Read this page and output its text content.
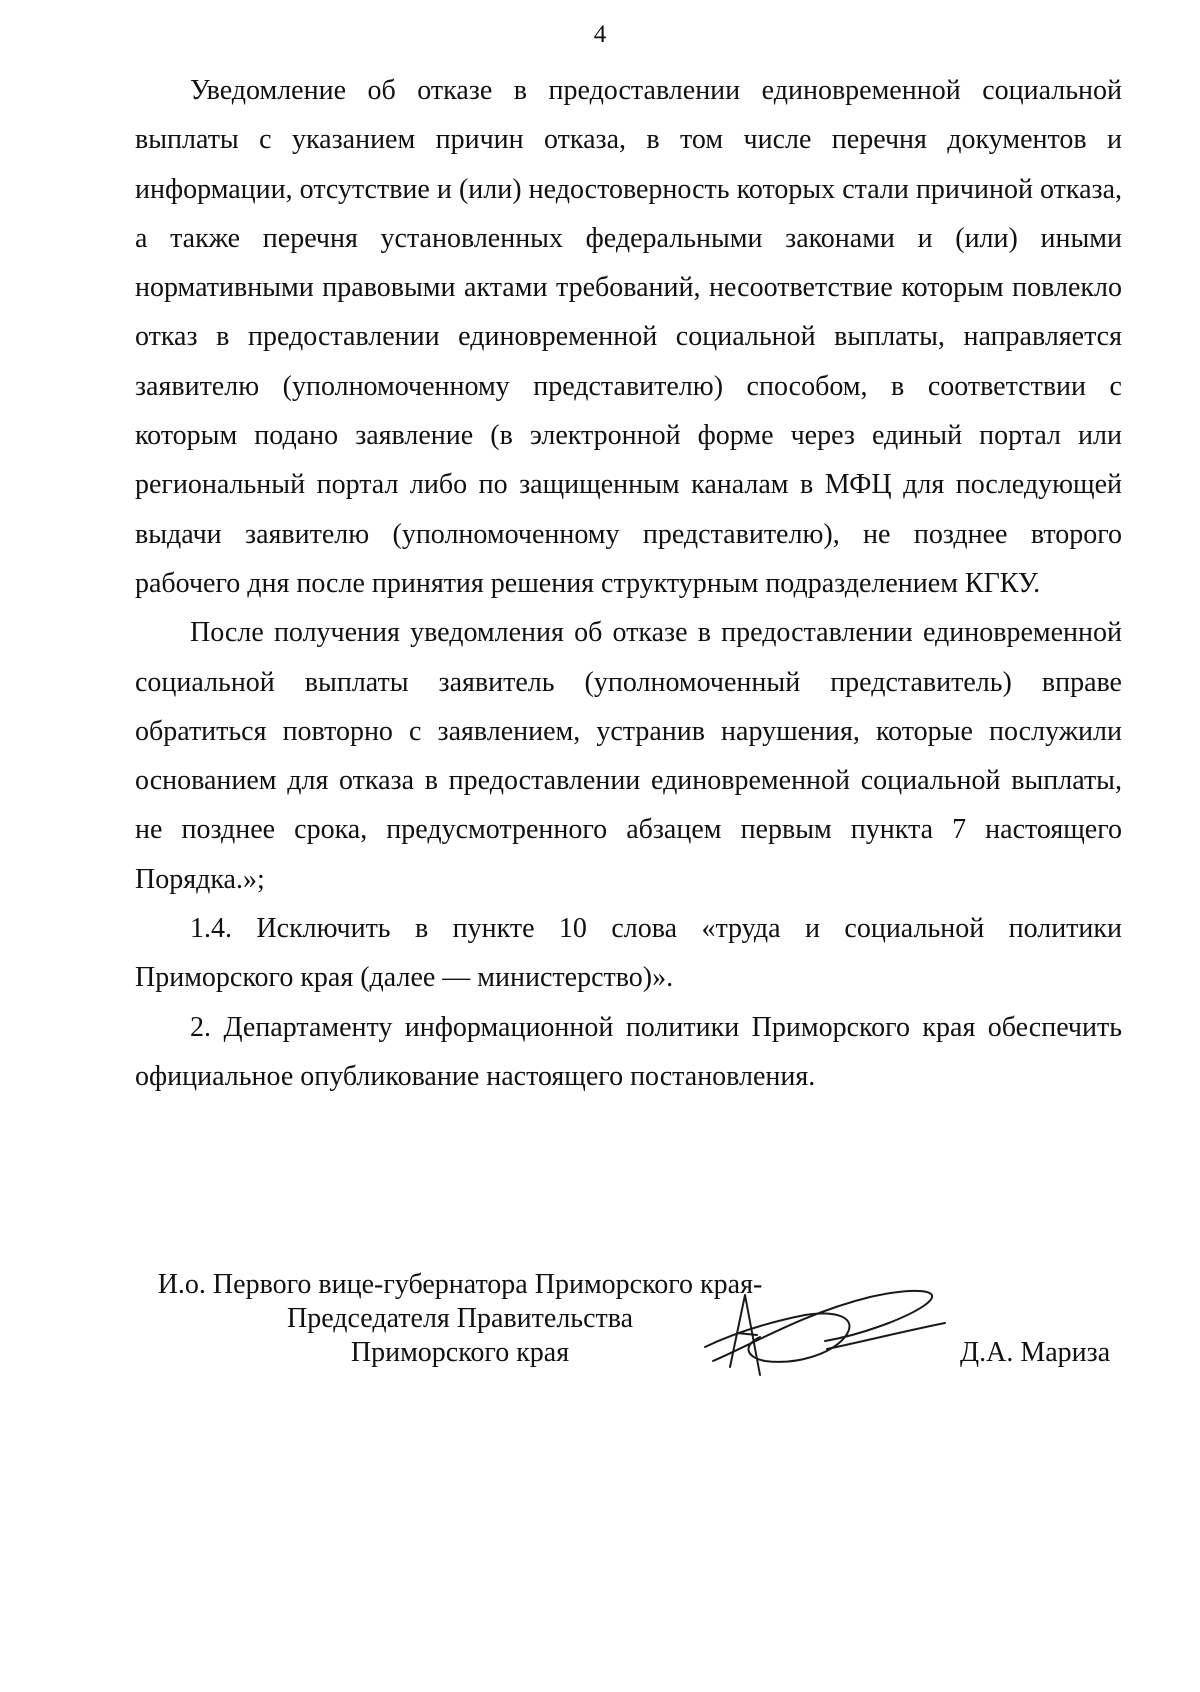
4

Уведомление об отказе в предоставлении единовременной социальной выплаты с указанием причин отказа, в том числе перечня документов и информации, отсутствие и (или) недостоверность которых стали причиной отказа, а также перечня установленных федеральными законами и (или) иными нормативными правовыми актами требований, несоответствие которым повлекло отказ в предоставлении единовременной социальной выплаты, направляется заявителю (уполномоченному представителю) способом, в соответствии с которым подано заявление (в электронной форме через единый портал или региональный портал либо по защищенным каналам в МФЦ для последующей выдачи заявителю (уполномоченному представителю), не позднее второго рабочего дня после принятия решения структурным подразделением КГКУ.

После получения уведомления об отказе в предоставлении единовременной социальной выплаты заявитель (уполномоченный представитель) вправе обратиться повторно с заявлением, устранив нарушения, которые послужили основанием для отказа в предоставлении единовременной социальной выплаты, не позднее срока, предусмотренного абзацем первым пункта 7 настоящего Порядка.»;

1.4. Исключить в пункте 10 слова «труда и социальной политики Приморского края (далее — министерство)».

2. Департаменту информационной политики Приморского края обеспечить официальное опубликование настоящего постановления.

И.о. Первого вице-губернатора Приморского края-
Председателя Правительства
Приморского края	Д.А. Мариза
